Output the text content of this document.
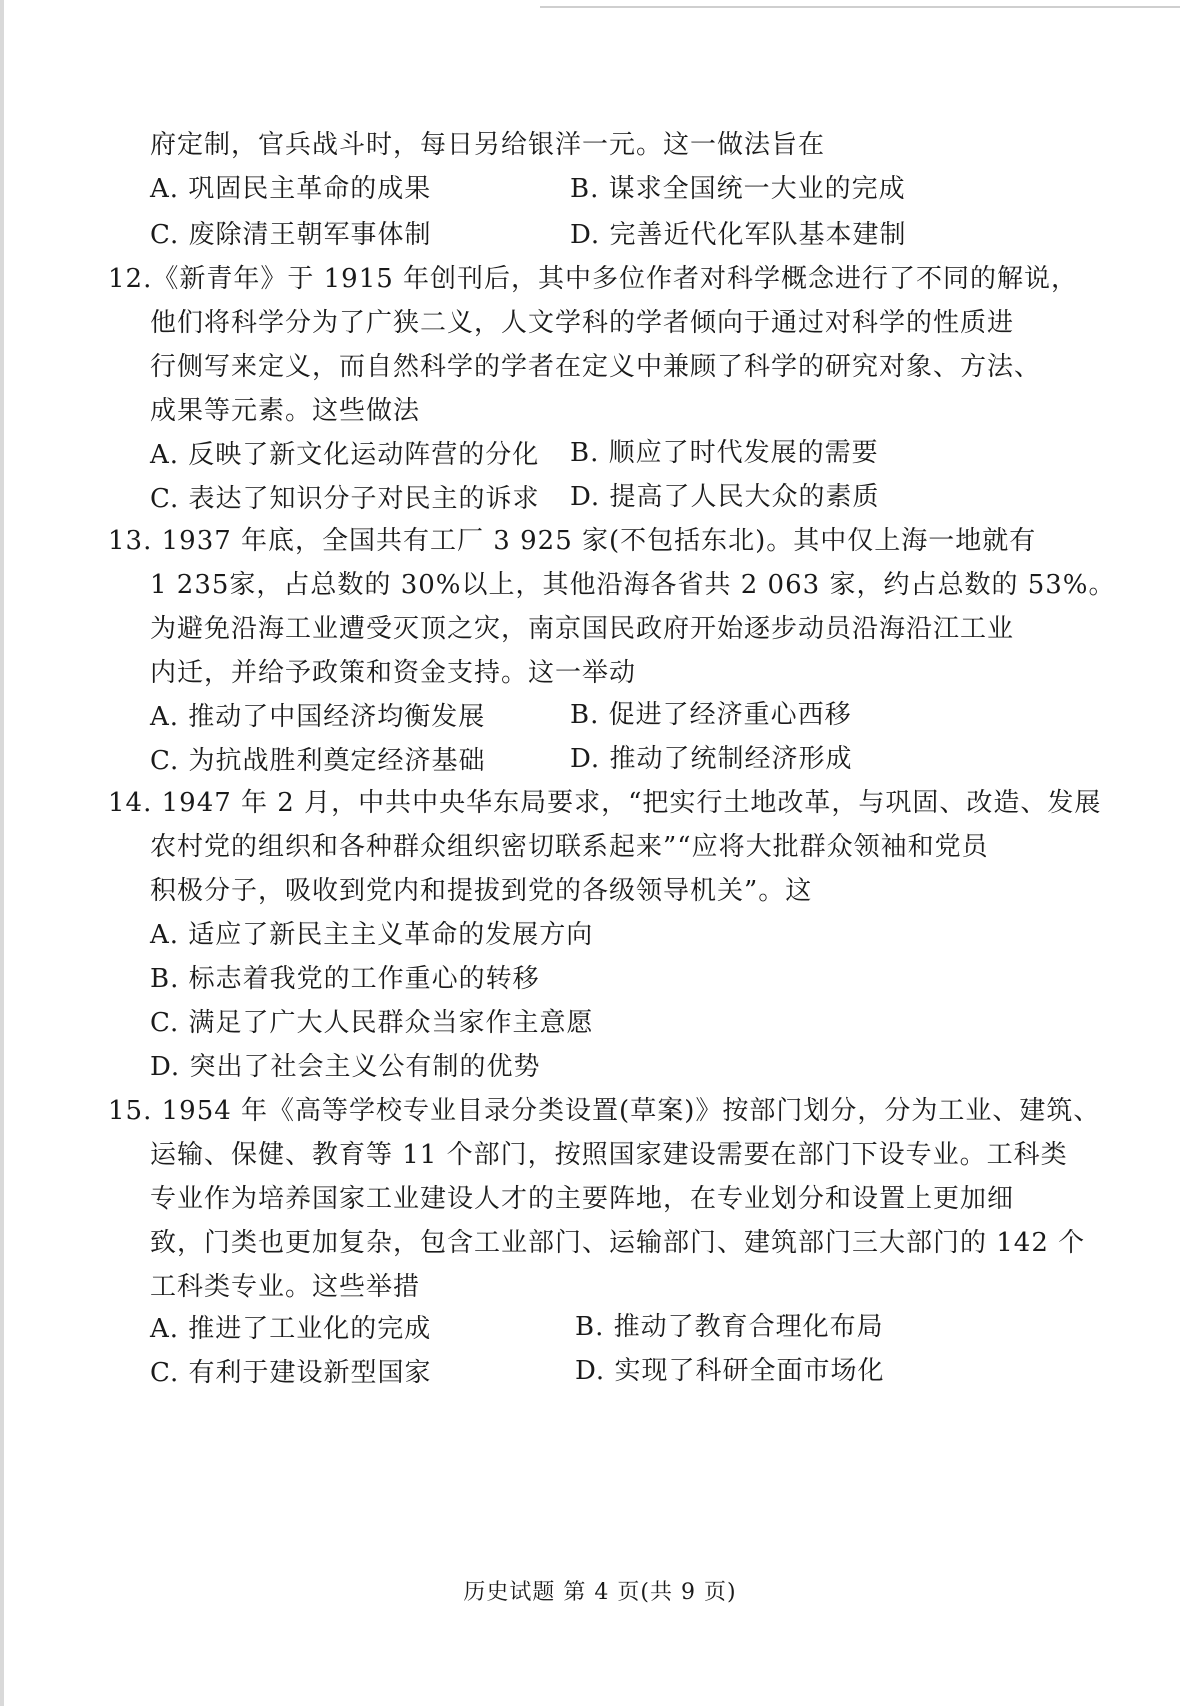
府定制，官兵战斗时，每日另给银洋一元。这一做法旨在
A. 巩固民主革命的成果	B. 谋求全国统一大业的完成
C. 废除清王朝军事体制	D. 完善近代化军队基本建制
12.《新青年》于 1915 年创刊后，其中多位作者对科学概念进行了不同的解说，
他们将科学分为了广狭二义，人文学科的学者倾向于通过对科学的性质进
行侧写来定义，而自然科学的学者在定义中兼顾了科学的研究对象、方法、
成果等元素。这些做法
A. 反映了新文化运动阵营的分化 B. 顺应了时代发展的需要
C. 表达了知识分子对民主的诉求 D. 提高了人民大众的素质
13. 1937 年底，全国共有工厂 3 925 家(不包括东北)。其中仅上海一地就有
1 235家，占总数的 30%以上，其他沿海各省共 2 063 家，约占总数的 53%。
为避免沿海工业遭受灭顶之灾，南京国民政府开始逐步动员沿海沿江工业
内迁，并给予政策和资金支持。这一举动
A. 推动了中国经济均衡发展	B. 促进了经济重心西移
C. 为抗战胜利奠定经济基础	D. 推动了统制经济形成
14. 1947 年 2 月，中共中央华东局要求，“把实行土地改革，与巩固、改造、发展
农村党的组织和各种群众组织密切联系起来”“应将大批群众领袖和党员
积极分子，吸收到党内和提拔到党的各级领导机关”。这
A. 适应了新民主主义革命的发展方向
B. 标志着我党的工作重心的转移
C. 满足了广大人民群众当家作主意愿
D. 突出了社会主义公有制的优势
15. 1954 年《高等学校专业目录分类设置(草案)》按部门划分，分为工业、建筑、
运输、保健、教育等 11 个部门，按照国家建设需要在部门下设专业。工科类
专业作为培养国家工业建设人才的主要阵地，在专业划分和设置上更加细
致，门类也更加复杂，包含工业部门、运输部门、建筑部门三大部门的 142 个
工科类专业。这些举措
A. 推进了工业化的完成	B. 推动了教育合理化布局
C. 有利于建设新型国家	D. 实现了科研全面市场化
历史试题 第 4 页(共 9 页)
